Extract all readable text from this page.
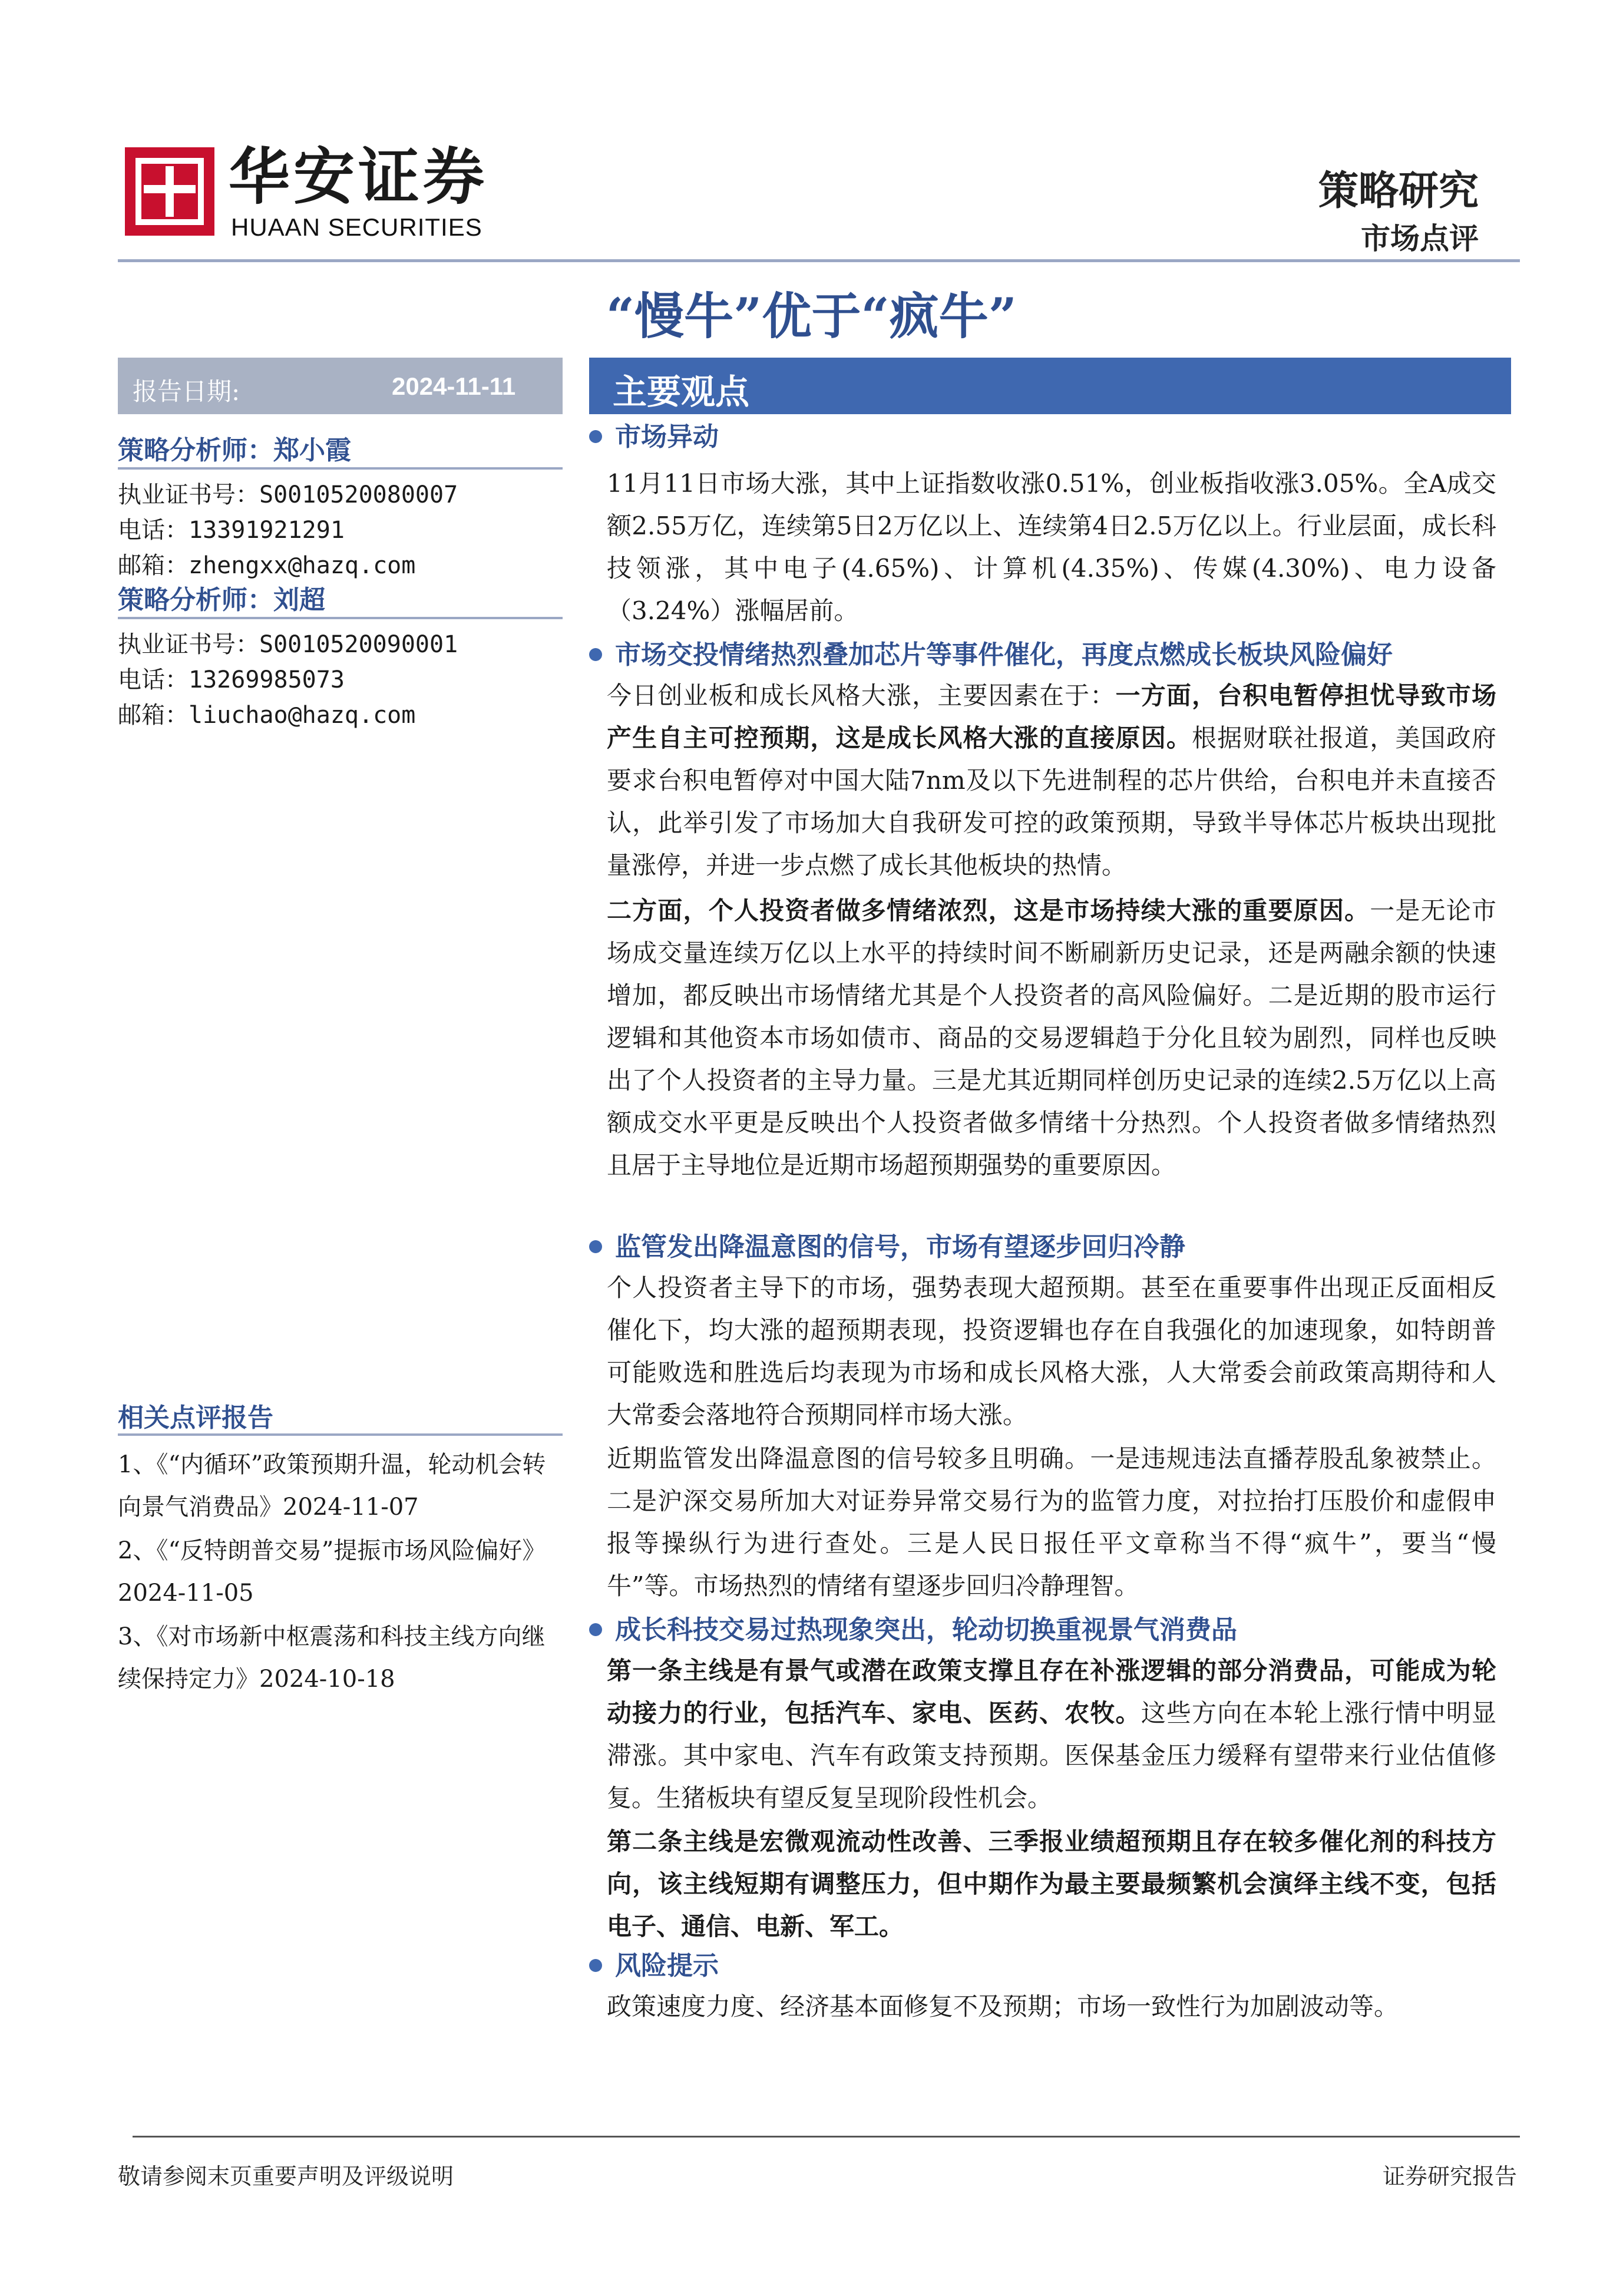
华安证券
HUAAN SECURITIES
策略研究
市场点评
“慢牛”优于“疯牛”
报告日期:	2024-11-11
策略分析师：郑小霞
执业证书号：S0010520080007
电话：13391921291
邮箱：zhengxx@hazq.com
策略分析师：刘超
执业证书号：S0010520090001
电话：13269985073
邮箱：liuchao@hazq.com
相关点评报告
1、《“内循环”政策预期升温，轮动机会转向景气消费品》2024-11-07
2、《“反特朗普交易”提振市场风险偏好》2024-11-05
3、《对市场新中枢震荡和科技主线方向继续保持定力》2024-10-18
主要观点
市场异动
11月11日市场大涨，其中上证指数收涨0.51%，创业板指收涨3.05%。全A成交额2.55万亿，连续第5日2万亿以上、连续第4日2.5万亿以上。行业层面，成长科技领涨，其中电子(4.65%)、计算机(4.35%)、传媒(4.30%)、电力设备（3.24%）涨幅居前。
市场交投情绪热烈叠加芯片等事件催化，再度点燃成长板块风险偏好
今日创业板和成长风格大涨，主要因素在于：一方面，台积电暂停担忧导致市场产生自主可控预期，这是成长风格大涨的直接原因。根据财联社报道，美国政府要求台积电暂停对中国大陆7nm及以下先进制程的芯片供给，台积电并未直接否认，此举引发了市场加大自我研发可控的政策预期，导致半导体芯片板块出现批量涨停，并进一步点燃了成长其他板块的热情。
二方面，个人投资者做多情绪浓烈，这是市场持续大涨的重要原因。一是无论市场成交量连续万亿以上水平的持续时间不断刷新历史记录，还是两融余额的快速增加，都反映出市场情绪尤其是个人投资者的高风险偏好。二是近期的股市运行逻辑和其他资本市场如债市、商品的交易逻辑趋于分化且较为剧烈，同样也反映出了个人投资者的主导力量。三是尤其近期同样创历史记录的连续2.5万亿以上高额成交水平更是反映出个人投资者做多情绪十分热烈。个人投资者做多情绪热烈且居于主导地位是近期市场超预期强势的重要原因。
监管发出降温意图的信号，市场有望逐步回归冷静
个人投资者主导下的市场，强势表现大超预期。甚至在重要事件出现正反面相反催化下，均大涨的超预期表现，投资逻辑也存在自我强化的加速现象，如特朗普可能败选和胜选后均表现为市场和成长风格大涨，人大常委会前政策高期待和人大常委会落地符合预期同样市场大涨。
近期监管发出降温意图的信号较多且明确。一是违规违法直播荐股乱象被禁止。二是沪深交易所加大对证券异常交易行为的监管力度，对拉抬打压股价和虚假申报等操纵行为进行查处。三是人民日报任平文章称当不得“疯牛”，要当“慢牛”等。市场热烈的情绪有望逐步回归冷静理智。
成长科技交易过热现象突出，轮动切换重视景气消费品
第一条主线是有景气或潜在政策支撑且存在补涨逻辑的部分消费品，可能成为轮动接力的行业，包括汽车、家电、医药、农牧。这些方向在本轮上涨行情中明显滞涨。其中家电、汽车有政策支持预期。医保基金压力缓释有望带来行业估值修复。生猪板块有望反复呈现阶段性机会。
第二条主线是宏微观流动性改善、三季报业绩超预期且存在较多催化剂的科技方向，该主线短期有调整压力，但中期作为最主要最频繁机会演绎主线不变，包括电子、通信、电新、军工。
风险提示
政策速度力度、经济基本面修复不及预期；市场一致性行为加剧波动等。
敬请参阅末页重要声明及评级说明	证券研究报告
